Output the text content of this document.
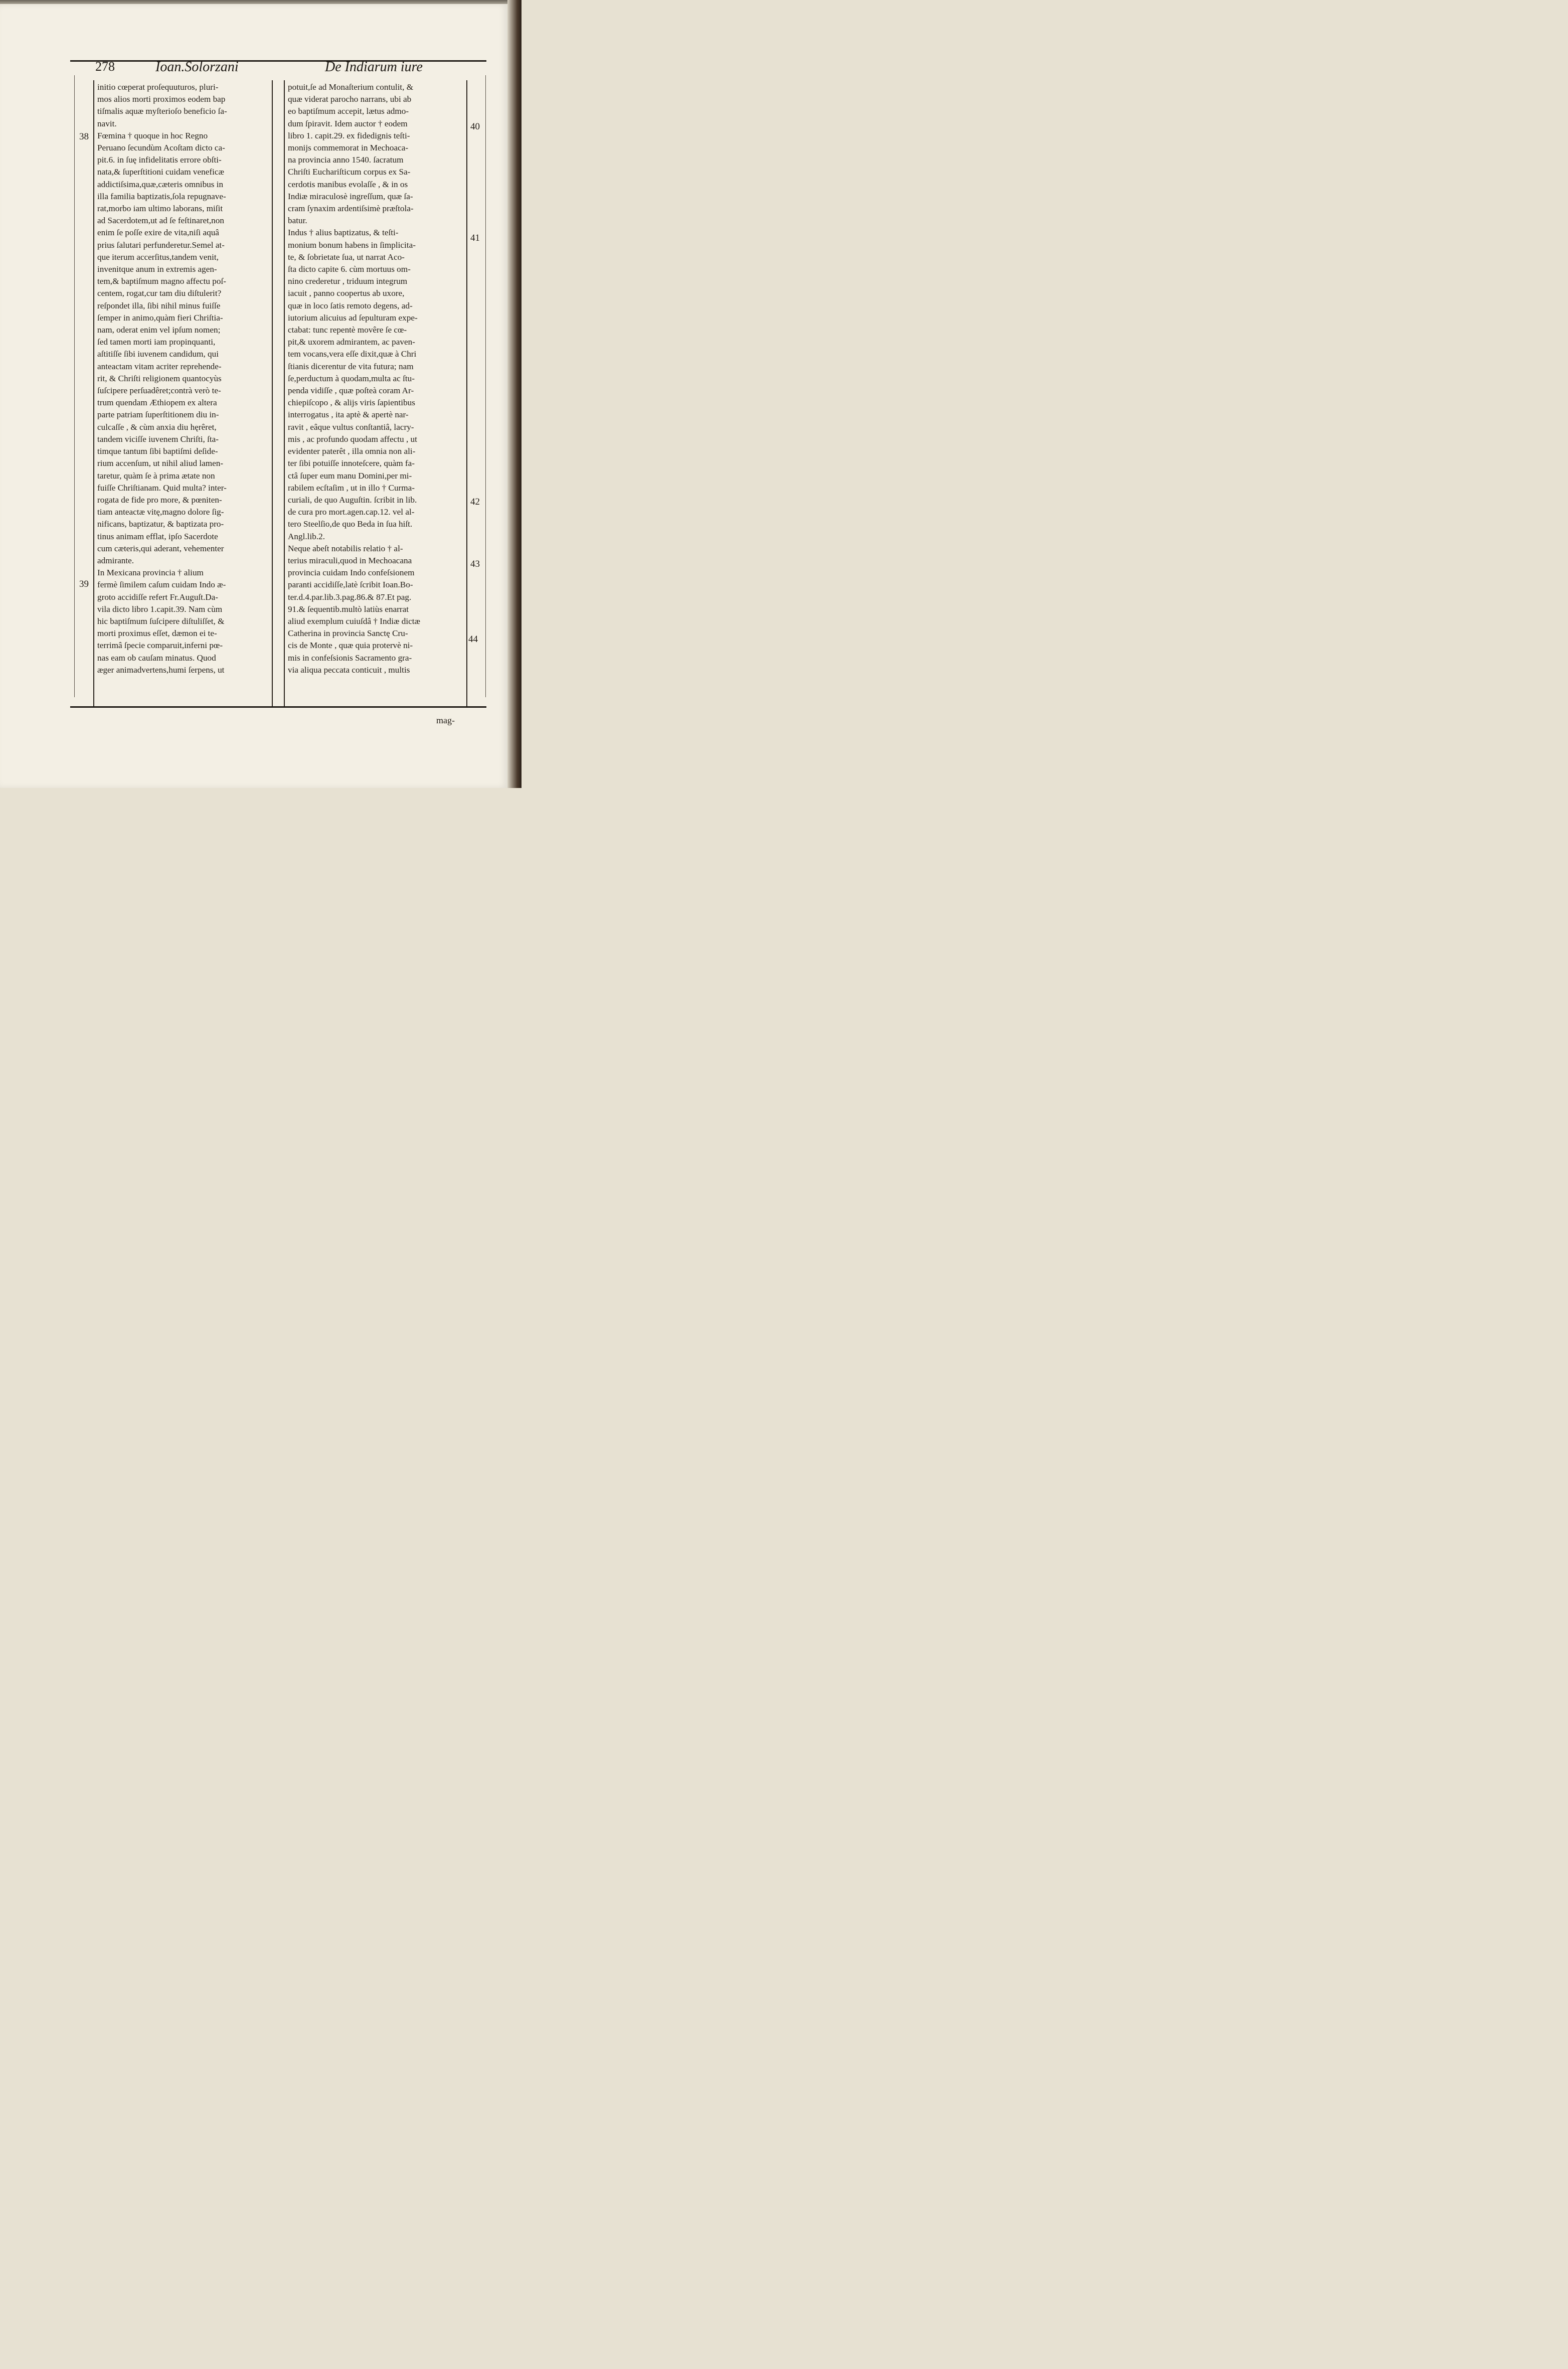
278	Ioan.Solorzani	De Indiarum iure
initio cœperat proſequuturos, pluri-
mos alios morti proximos eodem bap
tiſmalis aquæ myſterioſo beneficio ſa-
navit.
Fœmina † quoque in hoc Regno
Peruano ſecundùm Acoſtam dicto ca-
pit.6. in ſuę infidelitatis errore obſti-
nata,& ſuperſtitioni cuidam veneficæ
addictiſsima,quæ,cæteris omnibus in
illa familia baptizatis,ſola repugnave-
rat,morbo iam ultimo laborans, miſit
ad Sacerdotem,ut ad ſe feſtinaret,non
enim ſe poſſe exire de vita,niſi aquâ
prius ſalutari perfunderetur.Semel at-
que iterum accerſitus,tandem venit,
invenitque anum in extremis agen-
tem,& baptiſmum magno affectu poſ-
centem, rogat,cur tam diu diſtulerit?
reſpondet illa, ſibi nihil minus fuiſſe
ſemper in animo,quàm fieri Chriſtia-
nam, oderat enim vel ipſum nomen;
ſed tamen morti iam propinquanti,
aſtitiſſe ſibi iuvenem candidum, qui
anteactam vitam acriter reprehende-
rit, & Chriſti religionem quantocyùs
ſuſcipere perſuadêret;contrà verò te-
trum quendam Æthiopem ex altera
parte patriam ſuperſtitionem diu in-
culcaſſe , & cùm anxia diu hęrêret,
tandem viciſſe iuvenem Chriſti, ſta-
timque tantum ſibi baptiſmi deſide-
rium accenſum, ut nihil aliud lamen-
taretur, quàm ſe à prima ætate non
fuiſſe Chriſtianam. Quid multa? inter-
rogata de fide pro more, & pœniten-
tiam anteactæ vitę,magno dolore ſig-
nificans, baptizatur, & baptizata pro-
tinus animam efflat, ipſo Sacerdote
cum cæteris,qui aderant, vehementer
admirante.
In Mexicana provincia † alium
fermè ſimilem caſum cuidam Indo æ-
groto accidiſſe refert Fr.Auguſt.Da-
vila dicto libro 1.capit.39. Nam cùm
hic baptiſmum ſuſcipere diſtuliſſet, &
morti proximus eſſet, dæmon ei te-
terrimâ ſpecie comparuit,inferni pœ-
nas eam ob cauſam minatus. Quod
æger animadvertens,humi ſerpens, ut
potuit,ſe ad Monaſterium contulit, &
quæ viderat parocho narrans, ubi ab
eo baptiſmum accepit, lætus admo-
dum ſpiravit. Idem auctor † eodem
libro 1. capit.29. ex fidedignis teſti-
monijs commemorat in Mechoaca-
na provincia anno 1540. ſacratum
Chriſti Euchariſticum corpus ex Sa-
cerdotis manibus evolaſſe , & in os
Indiæ miraculosè ingreſſum, quæ ſa-
cram ſynaxim ardentiſsimè præſtola-
batur.
Indus † alius baptizatus, & teſti-
monium bonum habens in ſimplicita-
te, & ſobrietate ſua, ut narrat Aco-
ſta dicto capite 6. cùm mortuus om-
nino crederetur , triduum integrum
iacuit , panno coopertus ab uxore,
quæ in loco ſatis remoto degens, ad-
iutorium alicuius ad ſepulturam expe-
ctabat: tunc repentè movêre ſe cœ-
pit,& uxorem admirantem, ac paven-
tem vocans,vera eſſe dixit,quæ à Chri
ſtianis dicerentur de vita futura; nam
ſe,perductum à quodam,multa ac ſtu-
penda vidiſſe , quæ poſteà coram Ar-
chiepiſcopo , & alijs viris ſapientibus
interrogatus , ita aptè & apertè nar-
ravit , eâque vultus conſtantiâ, lacry-
mis , ac profundo quodam affectu , ut
evidenter paterêt , illa omnia non ali-
ter ſibi potuiſſe innoteſcere, quàm fa-
ctâ ſuper eum manu Domini,per mi-
rabilem ecſtaſim , ut in illo † Curma-
curiali, de quo Auguſtin. ſcribit in lib.
de cura pro mort.agen.cap.12. vel al-
tero Steelſio,de quo Beda in ſua hiſt.
Angl.lib.2.
Neque abeſt notabilis relatio † al-
terius miraculi,quod in Mechoacana
provincia cuidam Indo confeſsionem
paranti accidiſſe,latè ſcribit Ioan.Bo-
ter.d.4.par.lib.3.pag.86.& 87.Et pag.
91.& ſequentib.multò latiùs enarrat
aliud exemplum cuiuſdâ † Indiæ dictæ
Catherina in provincia Sanctę Cru-
cis de Monte , quæ quia protervè ni-
mis in confeſsionis Sacramento gra-
via aliqua peccata conticuit , multis
38
39
40
41
42
43
44
mag-
